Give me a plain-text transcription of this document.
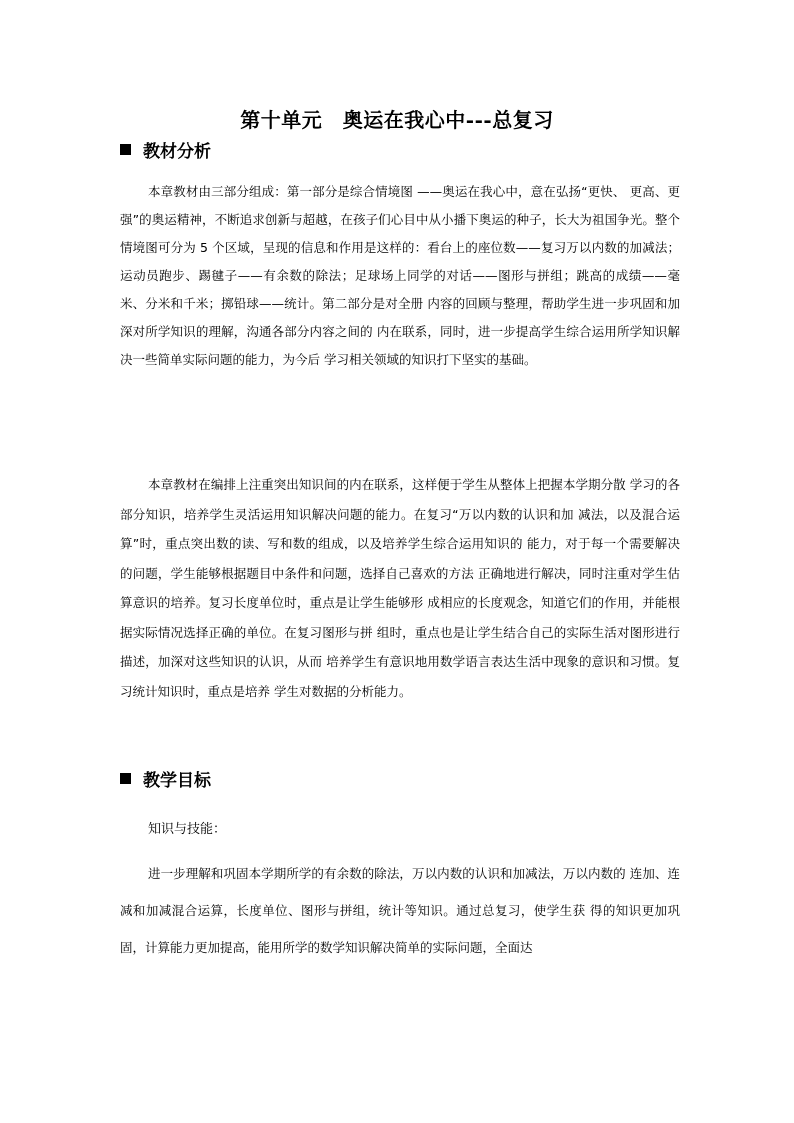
第十单元　奥运在我心中---总复习
教材分析

本章教材由三部分组成：第一部分是综合情境图 ——奥运在我心中，意在弘扬“更快、 更高、更强”的奥运精神，不断追求创新与超越，在孩子们心目中从小播下奥运的种子，长大为祖国争光。整个情境图可分为 5 个区域，呈现的信息和作用是这样的：看台上的座位数——复习万以内数的加减法；运动员跑步、踢毽子——有余数的除法；足球场上同学的对话——图形与拼组；跳高的成绩——毫米、分米和千米；掷铅球——统计。第二部分是对全册 内容的回顾与整理，帮助学生进一步巩固和加深对所学知识的理解，沟通各部分内容之间的 内在联系，同时，进一步提高学生综合运用所学知识解决一些简单实际问题的能力，为今后 学习相关领域的知识打下坚实的基础。

本章教材在编排上注重突出知识间的内在联系，这样便于学生从整体上把握本学期分散 学习的各部分知识，培养学生灵活运用知识解决问题的能力。在复习“万以内数的认识和加 减法，以及混合运算”时，重点突出数的读、写和数的组成，以及培养学生综合运用知识的 能力，对于每一个需要解决的问题，学生能够根据题目中条件和问题，选择自己喜欢的方法 正确地进行解决，同时注重对学生估算意识的培养。复习长度单位时，重点是让学生能够形 成相应的长度观念，知道它们的作用，并能根据实际情况选择正确的单位。在复习图形与拼 组时，重点也是让学生结合自己的实际生活对图形进行描述，加深对这些知识的认识，从而 培养学生有意识地用数学语言表达生活中现象的意识和习惯。复习统计知识时，重点是培养 学生对数据的分析能力。

教学目标
知识与技能：

进一步理解和巩固本学期所学的有余数的除法，万以内数的认识和加减法，万以内数的 连加、连减和加减混合运算，长度单位、图形与拼组，统计等知识。通过总复习，使学生获 得的知识更加巩固，计算能力更加提高，能用所学的数学知识解决简单的实际问题，全面达
